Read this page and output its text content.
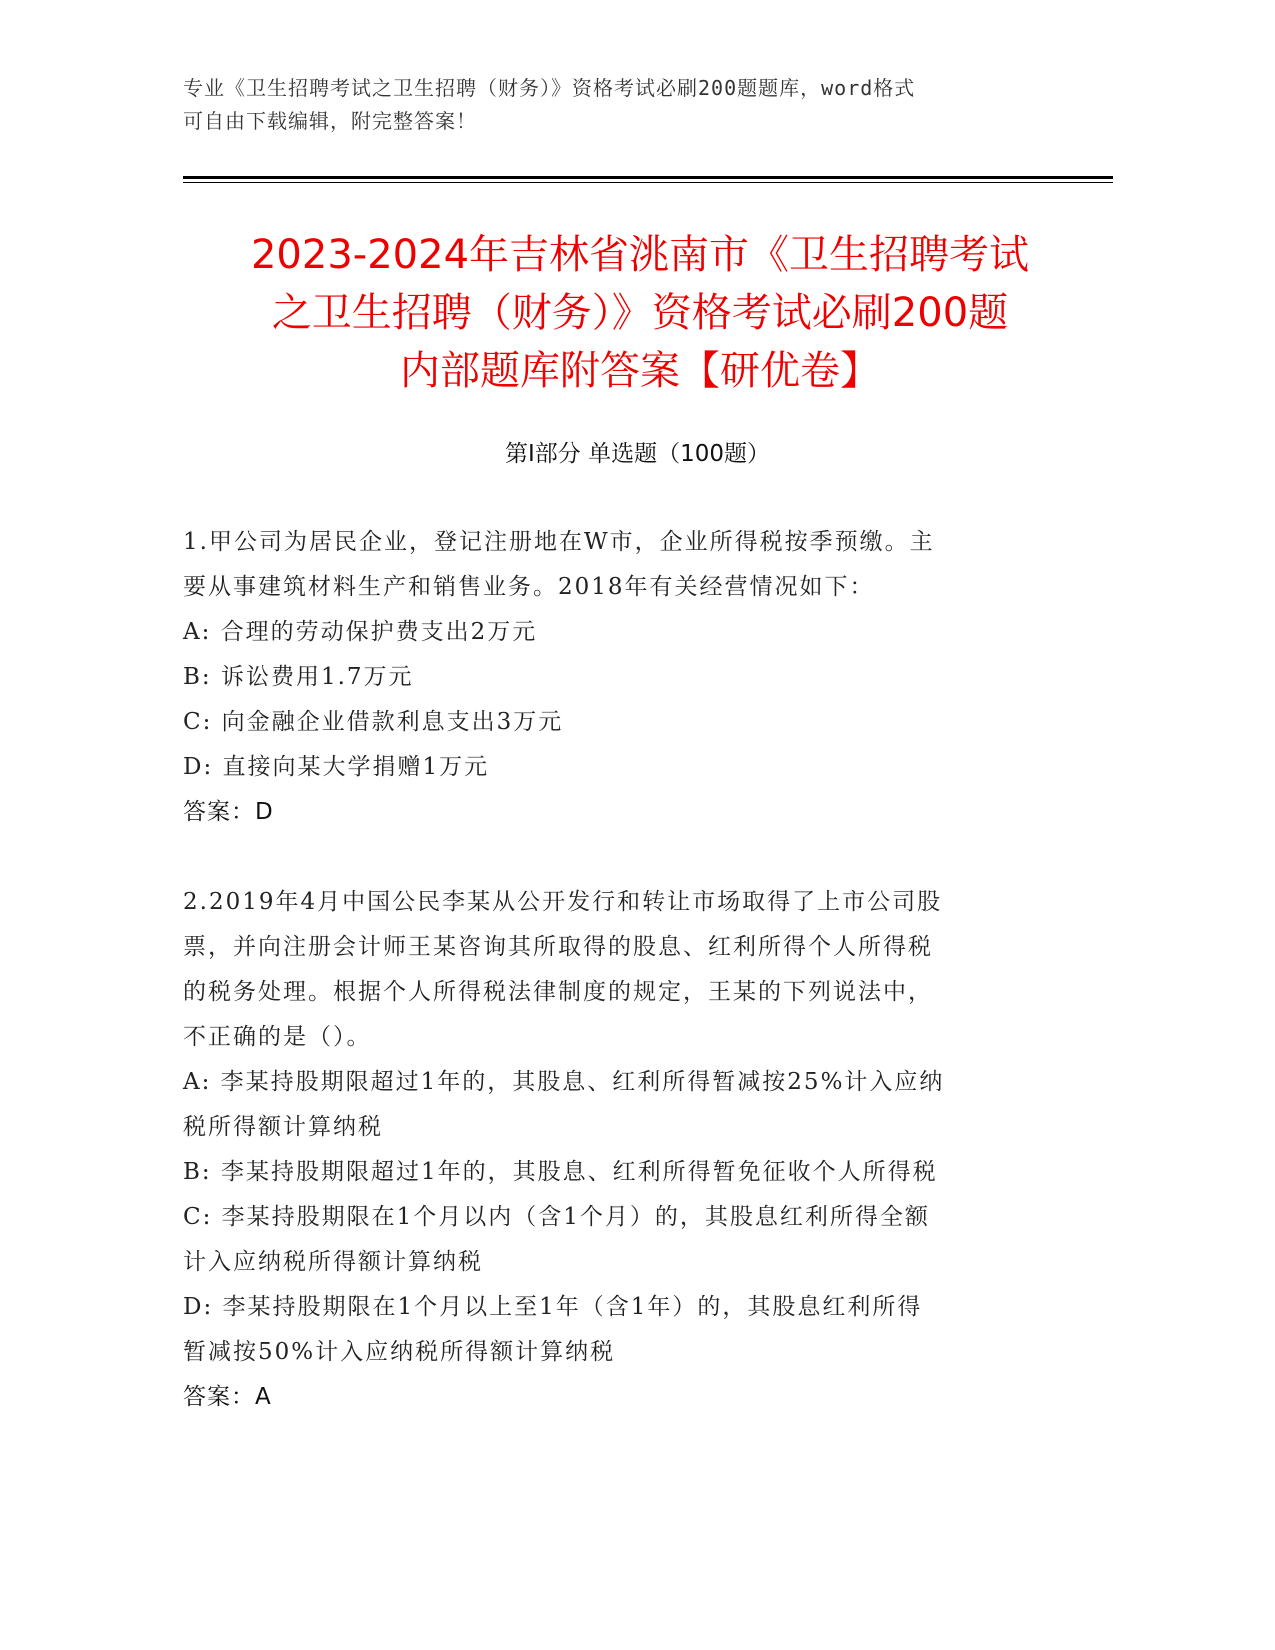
专业《卫生招聘考试之卫生招聘（财务）》资格考试必刷200题题库，word格式
可自由下载编辑，附完整答案！
2023-2024年吉林省洮南市《卫生招聘考试
之卫生招聘（财务）》资格考试必刷200题
内部题库附答案【研优卷】
第I部分 单选题（100题）
1.甲公司为居民企业，登记注册地在W市，企业所得税按季预缴。主
要从事建筑材料生产和销售业务。2018年有关经营情况如下：
A: 合理的劳动保护费支出2万元
B: 诉讼费用1.7万元
C: 向金融企业借款利息支出3万元
D: 直接向某大学捐赠1万元
答案：D
2.2019年4月中国公民李某从公开发行和转让市场取得了上市公司股
票，并向注册会计师王某咨询其所取得的股息、红利所得个人所得税
的税务处理。根据个人所得税法律制度的规定，王某的下列说法中，
不正确的是（）。
A: 李某持股期限超过1年的，其股息、红利所得暂减按25%计入应纳
税所得额计算纳税
B: 李某持股期限超过1年的，其股息、红利所得暂免征收个人所得税
C: 李某持股期限在1个月以内（含1个月）的，其股息红利所得全额
计入应纳税所得额计算纳税
D: 李某持股期限在1个月以上至1年（含1年）的，其股息红利所得
暂减按50%计入应纳税所得额计算纳税
答案：A
